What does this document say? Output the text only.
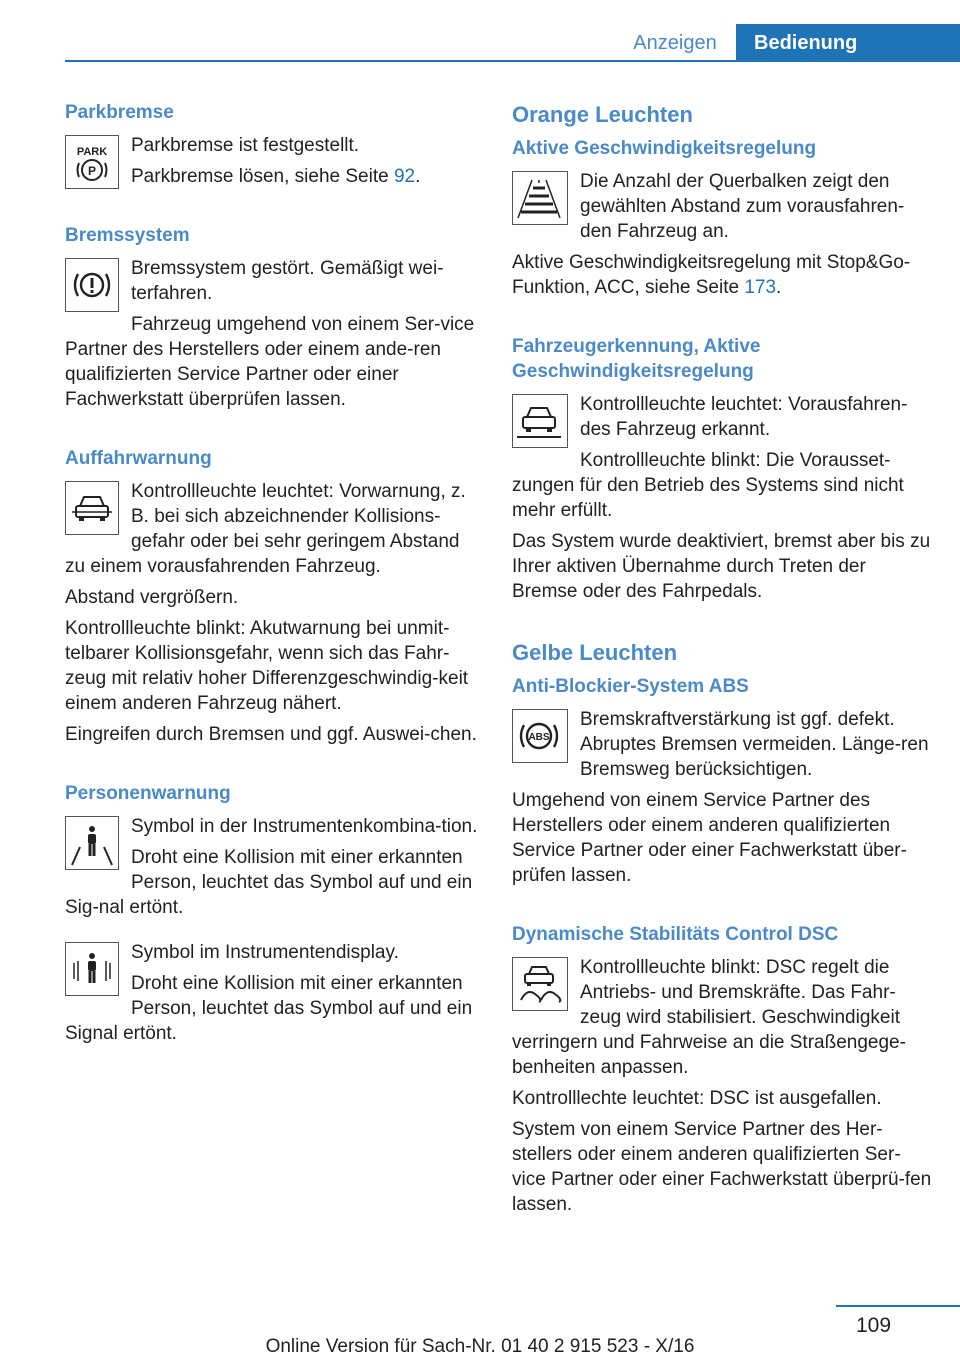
Anzeigen	Bedienung
Parkbremse
PARK
P

Parkbremse ist festgestellt.

Parkbremse lösen, siehe Seite 92.

Bremssystem

Bremssystem gestört. Gemäßigt wei-terfahren.

Fahrzeug umgehend von einem Ser-vice Partner des Herstellers oder einem ande-ren qualifizierten Service Partner oder einer Fachwerkstatt überprüfen lassen.

Auffahrwarnung

Kontrollleuchte leuchtet: Vorwarnung, z. B. bei sich abzeichnender Kollisions-gefahr oder bei sehr geringem Abstand zu einem vorausfahrenden Fahrzeug.

Abstand vergrößern.

Kontrollleuchte blinkt: Akutwarnung bei unmit-telbarer Kollisionsgefahr, wenn sich das Fahr-zeug mit relativ hoher Differenzgeschwindig-keit einem anderen Fahrzeug nähert.

Eingreifen durch Bremsen und ggf. Auswei-chen.

Personenwarnung

Symbol in der Instrumentenkombina-tion.

Droht eine Kollision mit einer erkannten Person, leuchtet das Symbol auf und ein Sig-nal ertönt.

Symbol im Instrumentendisplay.

Droht eine Kollision mit einer erkannten Person, leuchtet das Symbol auf und ein Signal ertönt.

Orange Leuchten
Aktive Geschwindigkeitsregelung

Die Anzahl der Querbalken zeigt den gewählten Abstand zum vorausfahren-den Fahrzeug an.

Aktive Geschwindigkeitsregelung mit Stop&Go-Funktion, ACC, siehe Seite 173.

Fahrzeugerkennung, Aktive Geschwindigkeitsregelung

Kontrollleuchte leuchtet: Vorausfahren-des Fahrzeug erkannt.

Kontrollleuchte blinkt: Die Vorausset-zungen für den Betrieb des Systems sind nicht mehr erfüllt.

Das System wurde deaktiviert, bremst aber bis zu Ihrer aktiven Übernahme durch Treten der Bremse oder des Fahrpedals.

Gelbe Leuchten
Anti-Blockier-System ABS
ABS

Bremskraftverstärkung ist ggf. defekt. Abruptes Bremsen vermeiden. Länge-ren Bremsweg berücksichtigen.

Umgehend von einem Service Partner des Herstellers oder einem anderen qualifizierten Service Partner oder einer Fachwerkstatt über-prüfen lassen.

Dynamische Stabilitäts Control DSC

Kontrollleuchte blinkt: DSC regelt die Antriebs- und Bremskräfte. Das Fahr-zeug wird stabilisiert. Geschwindigkeit verringern und Fahrweise an die Straßengege-benheiten anpassen.

Kontrolllechte leuchtet: DSC ist ausgefallen.

System von einem Service Partner des Her-stellers oder einem anderen qualifizierten Ser-vice Partner oder einer Fachwerkstatt überprü-fen lassen.

109
Online Version für Sach-Nr. 01 40 2 915 523 - X/16
